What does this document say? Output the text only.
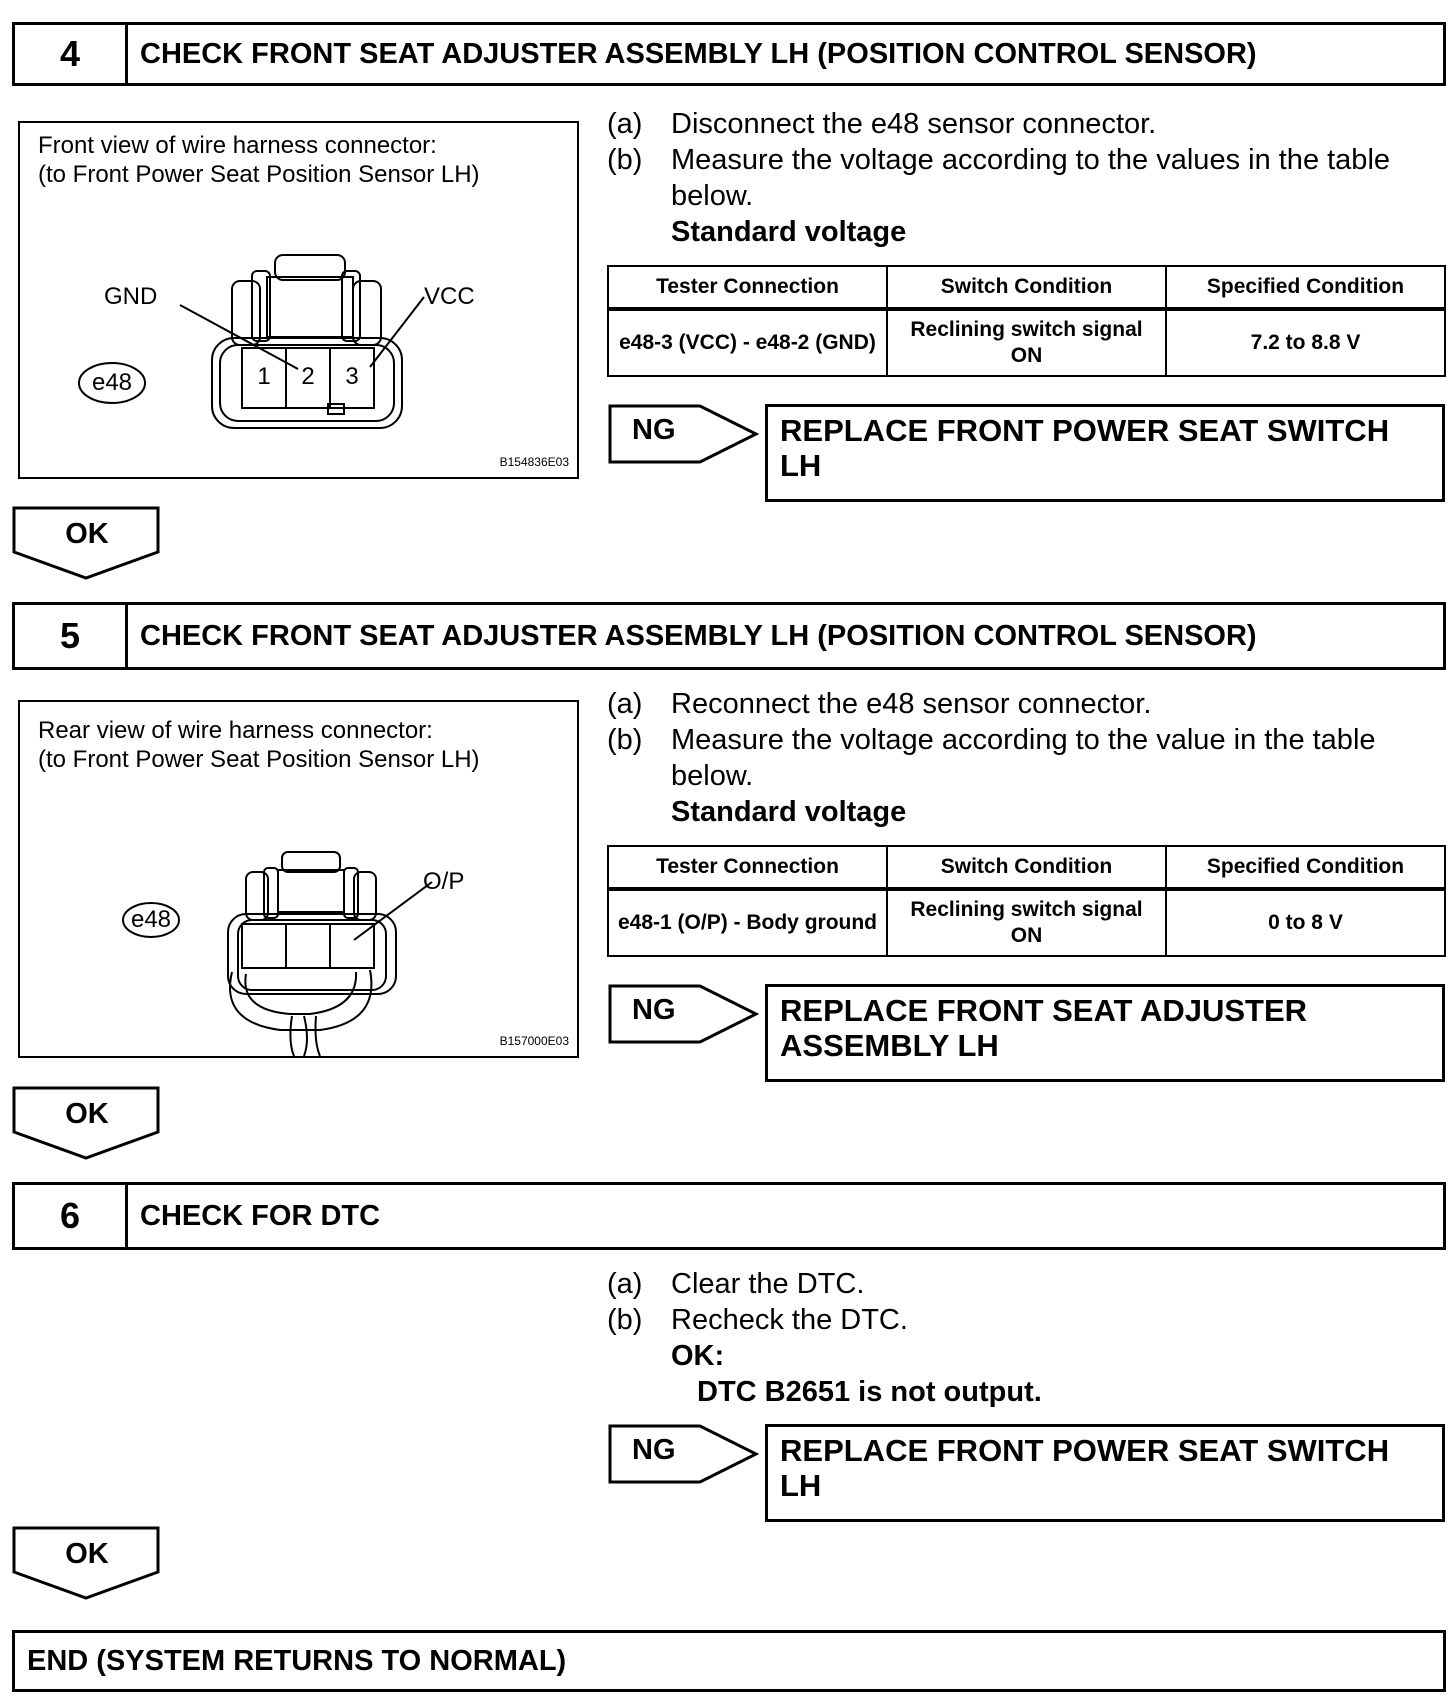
4	CHECK FRONT SEAT ADJUSTER ASSEMBLY LH (POSITION CONTROL SENSOR)
Front view of wire harness connector:
(to Front Power Seat Position Sensor LH)
GND	VCC
e48	1	2	3
B154836E03
(a) Disconnect the e48 sensor connector.
(b) Measure the voltage according to the values in the table below.
Standard voltage
Tester Connection	Switch Condition	Specified Condition
e48-3 (VCC) - e48-2 (GND)	Reclining switch signal ON	7.2 to 8.8 V
NG	REPLACE FRONT POWER SEAT SWITCH LH
OK
5	CHECK FRONT SEAT ADJUSTER ASSEMBLY LH (POSITION CONTROL SENSOR)
Rear view of wire harness connector:
(to Front Power Seat Position Sensor LH)
O/P
e48
B157000E03
(a) Reconnect the e48 sensor connector.
(b) Measure the voltage according to the value in the table below.
Standard voltage
Tester Connection	Switch Condition	Specified Condition
e48-1 (O/P) - Body ground	Reclining switch signal ON	0 to 8 V
NG	REPLACE FRONT SEAT ADJUSTER ASSEMBLY LH
OK
6	CHECK FOR DTC
(a) Clear the DTC.
(b) Recheck the DTC.
OK:
DTC B2651 is not output.
NG	REPLACE FRONT POWER SEAT SWITCH LH
OK
END (SYSTEM RETURNS TO NORMAL)
